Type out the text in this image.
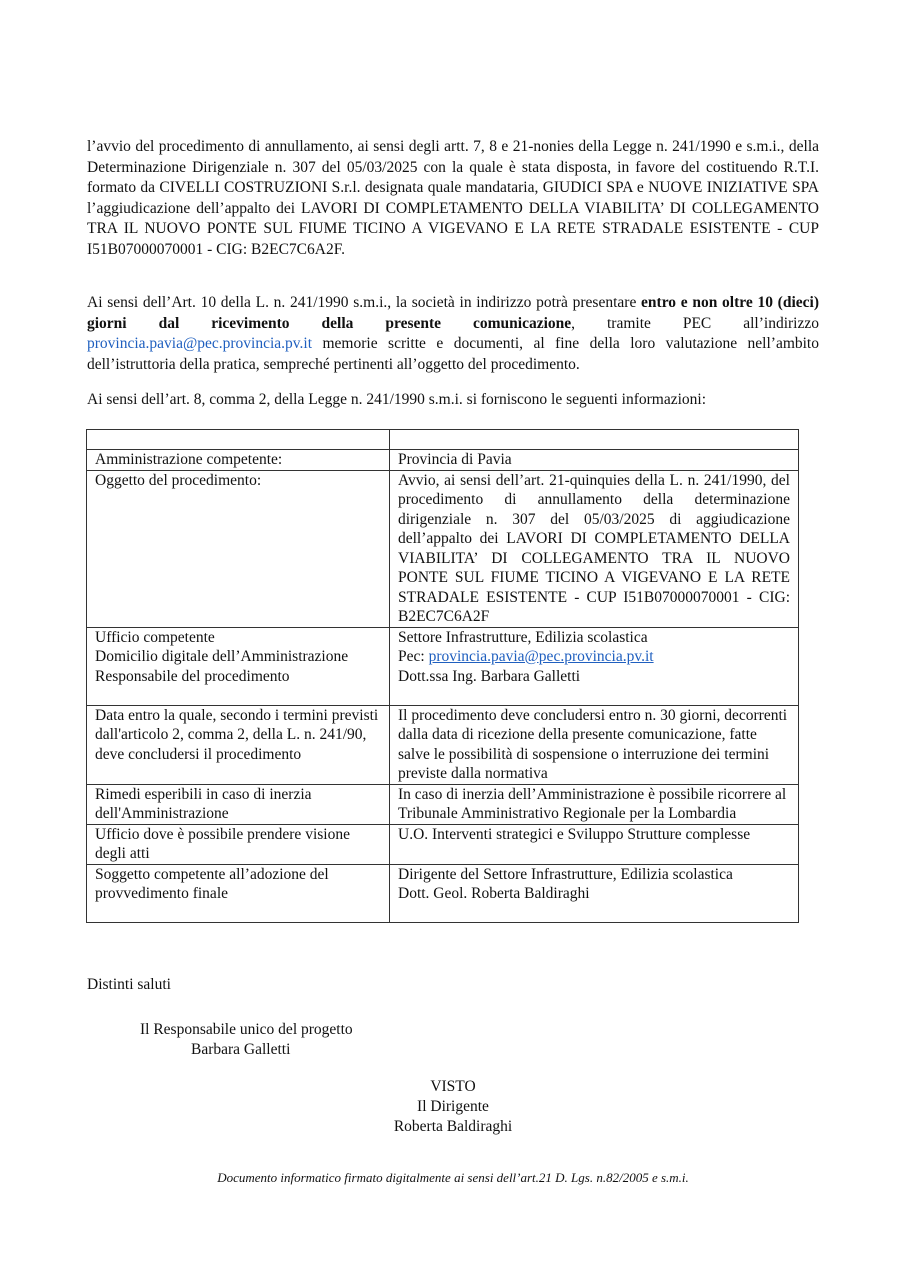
l’avvio del procedimento di annullamento, ai sensi degli artt. 7, 8 e 21-nonies della Legge n. 241/1990 e s.m.i., della Determinazione Dirigenziale n. 307 del 05/03/2025 con la quale è stata disposta, in favore del costituendo R.T.I. formato da CIVELLI COSTRUZIONI S.r.l. designata quale mandataria, GIUDICI SPA e NUOVE INIZIATIVE SPA l’aggiudicazione dell’appalto dei LAVORI DI COMPLETAMENTO DELLA VIABILITA’ DI COLLEGAMENTO TRA IL NUOVO PONTE SUL FIUME TICINO A VIGEVANO E LA RETE STRADALE ESISTENTE - CUP I51B07000070001 - CIG: B2EC7C6A2F.
Ai sensi dell’Art. 10 della L. n. 241/1990 s.m.i., la società in indirizzo potrà presentare entro e non oltre 10 (dieci) giorni dal ricevimento della presente comunicazione, tramite PEC all’indirizzo provincia.pavia@pec.provincia.pv.it memorie scritte e documenti, al fine della loro valutazione nell’ambito dell’istruttoria della pratica, sempreché pertinenti all’oggetto del procedimento.
Ai sensi dell’art. 8, comma 2, della Legge n. 241/1990 s.m.i. si forniscono le seguenti informazioni:

Amministrazione competente:	Provincia di Pavia
Oggetto del procedimento:	Avvio, ai sensi dell’art. 21-quinquies della L. n. 241/1990, del procedimento di annullamento della determinazione dirigenziale n. 307 del 05/03/2025 di aggiudicazione dell’appalto dei LAVORI DI COMPLETAMENTO DELLA VIABILITA’ DI COLLEGAMENTO TRA IL NUOVO PONTE SUL FIUME TICINO A VIGEVANO E LA RETE STRADALE ESISTENTE - CUP I51B07000070001 - CIG: B2EC7C6A2F

Ufficio competente
Domicilio digitale dell’Amministrazione
Responsabile del procedimento	Settore Infrastrutture, Edilizia scolastica
Pec: provincia.pavia@pec.provincia.pv.it
Dott.ssa Ing. Barbara Galletti

Data entro la quale, secondo i termini previsti dall'articolo 2, comma 2, della L. n. 241/90, deve concludersi il procedimento	Il procedimento deve concludersi entro n. 30 giorni, decorrenti dalla data di ricezione della presente comunicazione, fatte salve le possibilità di sospensione o interruzione dei termini previste dalla normativa
Rimedi esperibili in caso di inerzia dell'Amministrazione	In caso di inerzia dell’Amministrazione è possibile ricorrere al Tribunale Amministrativo Regionale per la Lombardia
Ufficio dove è possibile prendere visione degli atti	U.O. Interventi strategici e Sviluppo Strutture complesse
Soggetto competente all’adozione del provvedimento finale	Dirigente del Settore Infrastrutture, Edilizia scolastica
Dott. Geol. Roberta Baldiraghi
Distinti saluti
Il Responsabile unico del progetto
Barbara Galletti
VISTO
Il Dirigente
Roberta Baldiraghi
Documento informatico firmato digitalmente ai sensi dell’art.21 D. Lgs. n.82/2005 e s.m.i.
